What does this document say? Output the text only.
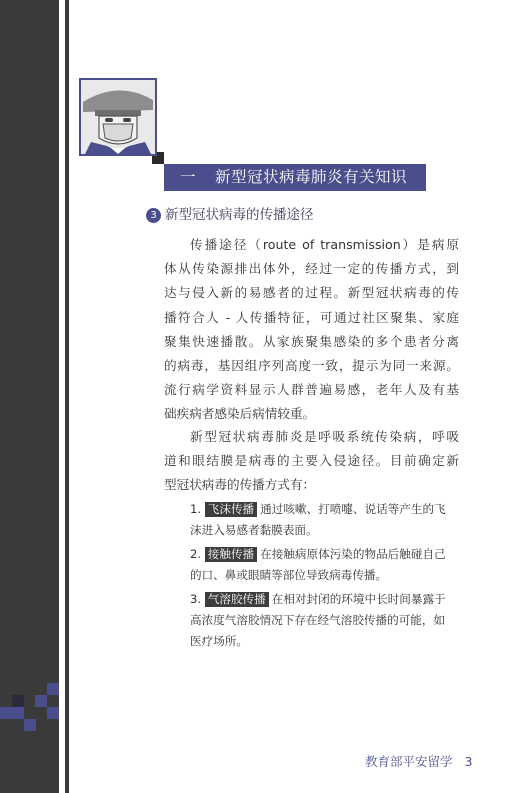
一 新型冠状病毒肺炎有关知识
3 新型冠状病毒的传播途径
传播途径（route of transmission）是病原
体从传染源排出体外，经过一定的传播方式，到
达与侵入新的易感者的过程。新型冠状病毒的传
播符合人 - 人传播特征，可通过社区聚集、家庭
聚集快速播散。从家族聚集感染的多个患者分离
的病毒，基因组序列高度一致，提示为同一来源。
流行病学资料显示人群普遍易感，老年人及有基
础疾病者感染后病情较重。
新型冠状病毒肺炎是呼吸系统传染病，呼吸
道和眼结膜是病毒的主要入侵途径。目前确定新
型冠状病毒的传播方式有：
1. 飞沫传播 通过咳嗽、打喷嚏、说话等产生的飞
沫进入易感者黏膜表面。
2. 接触传播 在接触病原体污染的物品后触碰自己
的口、鼻或眼睛等部位导致病毒传播。
3. 气溶胶传播 在相对封闭的环境中长时间暴露于
高浓度气溶胶情况下存在经气溶胶传播的可能，如
医疗场所。
教育部平安留学 3
